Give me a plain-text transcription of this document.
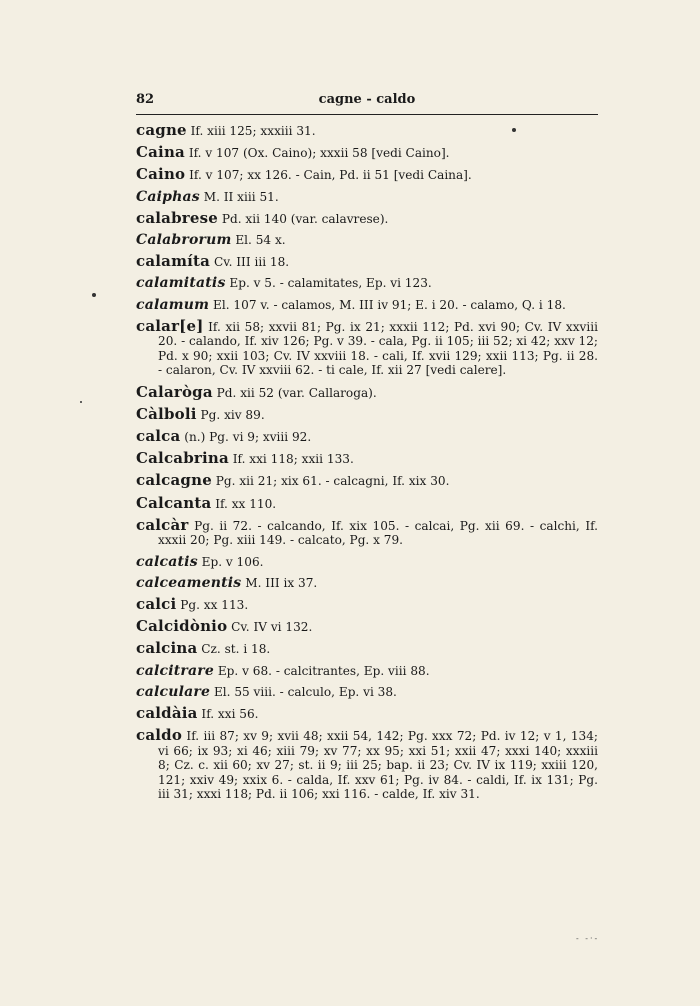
82	cagne - caldo

cagne If. xiii 125; xxxiii 31.

Caina If. v 107 (Ox. Caino); xxxii 58 [vedi Caino].

Caino If. v 107; xx 126. - Cain, Pd. ii 51 [vedi Caina].

Caiphas M. II xiii 51.

calabrese Pd. xii 140 (var. calavrese).

Calabrorum El. 54 x.

calamíta Cv. III iii 18.

calamitatis Ep. v 5. - calamitates, Ep. vi 123.

calamum El. 107 v. - calamos, M. III iv 91; E. i 20. - calamo, Q. i 18.

calar[e] If. xii 58; xxvii 81; Pg. ix 21; xxxii 112; Pd. xvi 90; Cv. IV xxviii 20. - calando, If. xiv 126; Pg. v 39. - cala, Pg. ii 105; iii 52; xi 42; xxv 12; Pd. x 90; xxii 103; Cv. IV xxviii 18. - cali, If. xvii 129; xxii 113; Pg. ii 28. - calaron, Cv. IV xxviii 62. - ti cale, If. xii 27 [vedi calere].

Calaròga Pd. xii 52 (var. Callaroga).

Càlboli Pg. xiv 89.

calca (n.) Pg. vi 9; xviii 92.

Calcabrina If. xxi 118; xxii 133.

calcagne Pg. xii 21; xix 61. - calcagni, If. xix 30.

Calcanta If. xx 110.

calcàr Pg. ii 72. - calcando, If. xix 105. - calcai, Pg. xii 69. - calchi, If. xxxii 20; Pg. xiii 149. - calcato, Pg. x 79.

calcatis Ep. v 106.

calceamentis M. III ix 37.

calci Pg. xx 113.

Calcidònio Cv. IV vi 132.

calcina Cz. st. i 18.

calcitrare Ep. v 68. - calcitrantes, Ep. viii 88.

calculare El. 55 viii. - calculo, Ep. vi 38.

caldàia If. xxi 56.

caldo If. iii 87; xv 9; xvii 48; xxii 54, 142; Pg. xxx 72; Pd. iv 12; v 1, 134; vi 66; ix 93; xi 46; xiii 79; xv 77; xx 95; xxi 51; xxii 47; xxxi 140; xxxiii 8; Cz. c. xii 60; xv 27; st. ii 9; iii 25; bap. ii 23; Cv. IV ix 119; xxiii 120, 121; xxiv 49; xxix 6. - calda, If. xxv 61; Pg. iv 84. - caldi, If. ix 131; Pg. iii 31; xxxi 118; Pd. ii 106; xxi 116. - calde, If. xiv 31.

- -·-
